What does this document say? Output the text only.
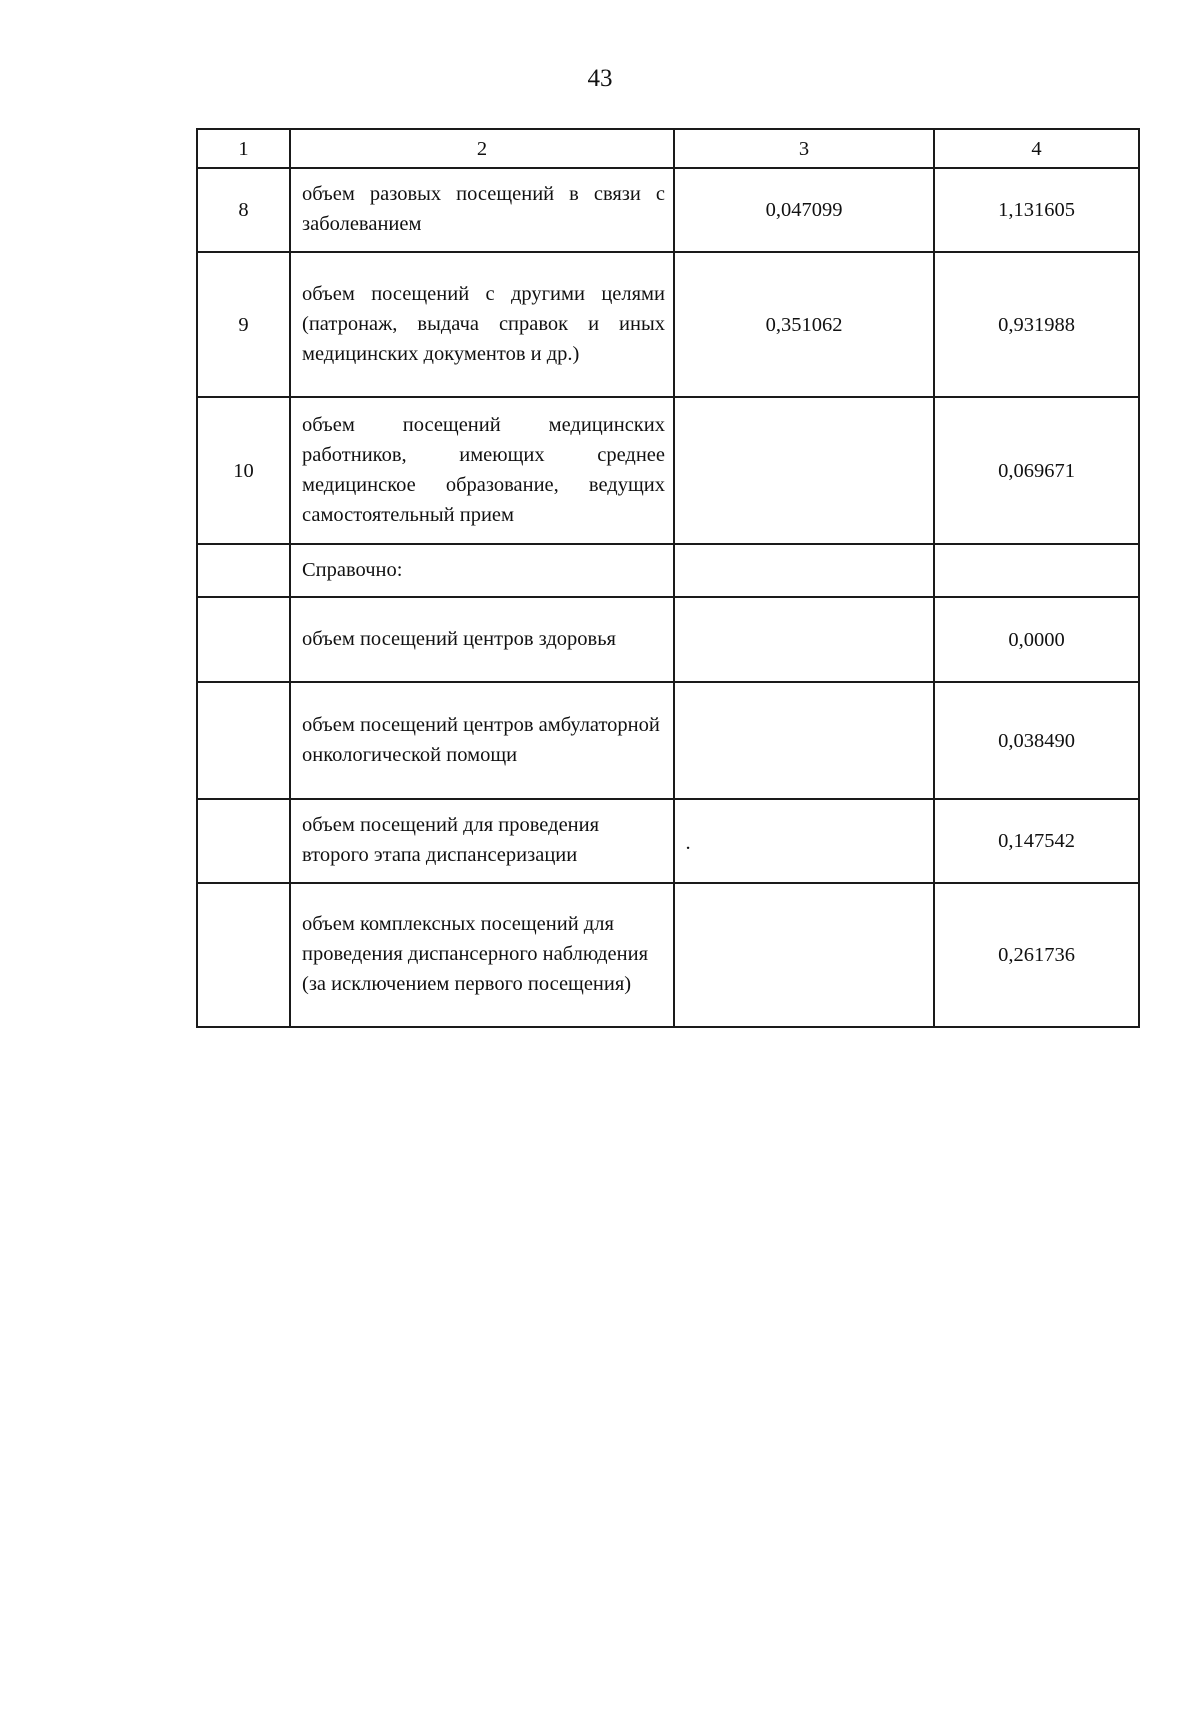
43
1	2	3	4
8	объем разовых посещений в связи с заболеванием	0,047099	1,131605
9	объем посещений с другими целями (патронаж, выдача справок и иных медицинских документов и др.)	0,351062	0,931988
10	объем посещений медицинских работников, имеющих среднее медицинское образование, ведущих самостоятельный прием		0,069671
	Справочно:		
	объем посещений центров здоровья		0,0000
	объем посещений центров амбулаторной онкологической помощи		0,038490
	объем посещений для проведения второго этапа диспансеризации	.	0,147542
	объем комплексных посещений для проведения диспансерного наблюдения (за исключением первого посещения)		0,261736
